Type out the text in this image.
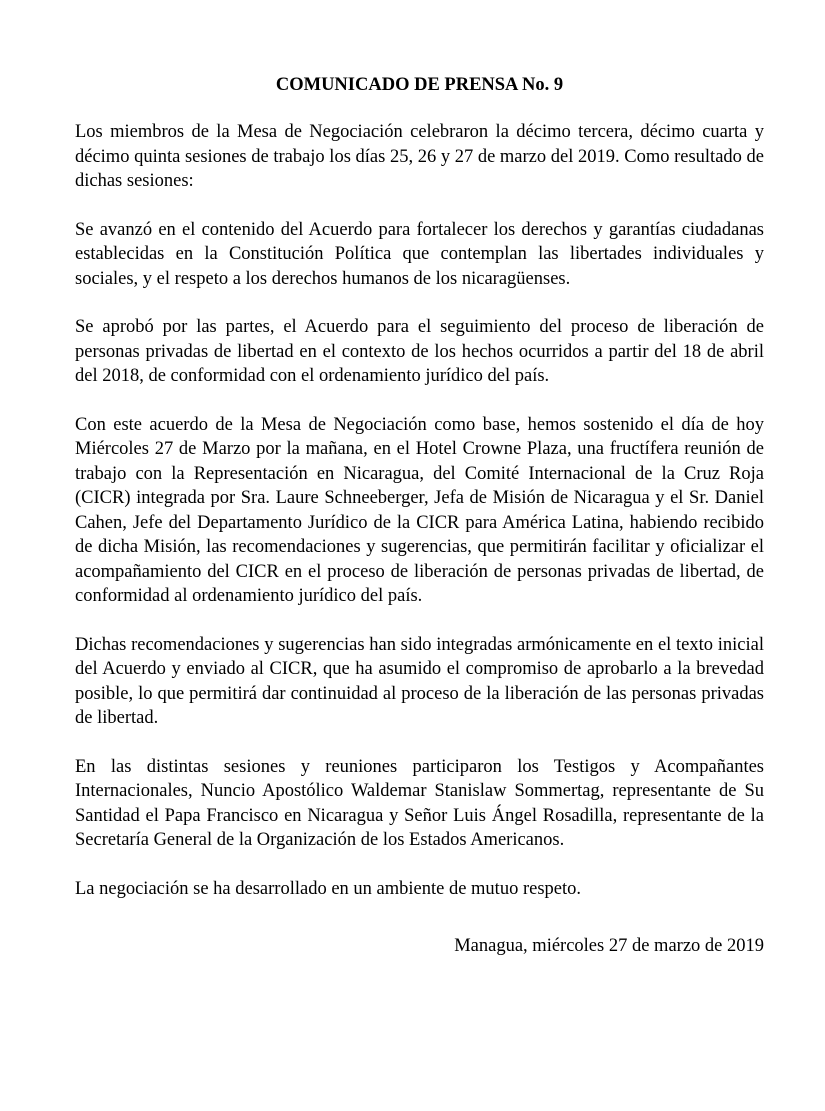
COMUNICADO DE PRENSA No. 9

Los miembros de la Mesa de Negociación celebraron la décimo tercera, décimo cuarta y décimo quinta sesiones de trabajo los días 25, 26 y 27 de marzo del 2019. Como resultado de dichas sesiones:

Se avanzó en el contenido del Acuerdo para fortalecer los derechos y garantías ciudadanas establecidas en la Constitución Política que contemplan las libertades individuales y sociales, y el respeto a los derechos humanos de los nicaragüenses.

Se aprobó por las partes, el Acuerdo para el seguimiento del proceso de liberación de personas privadas de libertad en el contexto de los hechos ocurridos a partir del 18 de abril del 2018, de conformidad con el ordenamiento jurídico del país.

Con este acuerdo de la Mesa de Negociación como base, hemos sostenido el día de hoy Miércoles 27 de Marzo por la mañana, en el Hotel Crowne Plaza, una fructífera reunión de trabajo con la Representación en Nicaragua, del Comité Internacional de la Cruz Roja (CICR) integrada por Sra. Laure Schneeberger, Jefa de Misión de Nicaragua y el Sr. Daniel Cahen, Jefe del Departamento Jurídico de la CICR para América Latina, habiendo recibido de dicha Misión, las recomendaciones y sugerencias, que permitirán facilitar y oficializar el acompañamiento del CICR en el proceso de liberación de personas privadas de libertad, de conformidad al ordenamiento jurídico del país.

Dichas recomendaciones y sugerencias han sido integradas armónicamente en el texto inicial del Acuerdo y enviado al CICR, que ha asumido el compromiso de aprobarlo a la brevedad posible, lo que permitirá dar continuidad al proceso de la liberación de las personas privadas de libertad.

En las distintas sesiones y reuniones participaron los Testigos y Acompañantes Internacionales, Nuncio Apostólico Waldemar Stanislaw Sommertag, representante de Su Santidad el Papa Francisco en Nicaragua y Señor Luis Ángel Rosadilla, representante de la Secretaría General de la Organización de los Estados Americanos.

La negociación se ha desarrollado en un ambiente de mutuo respeto.

Managua, miércoles 27 de marzo de 2019
